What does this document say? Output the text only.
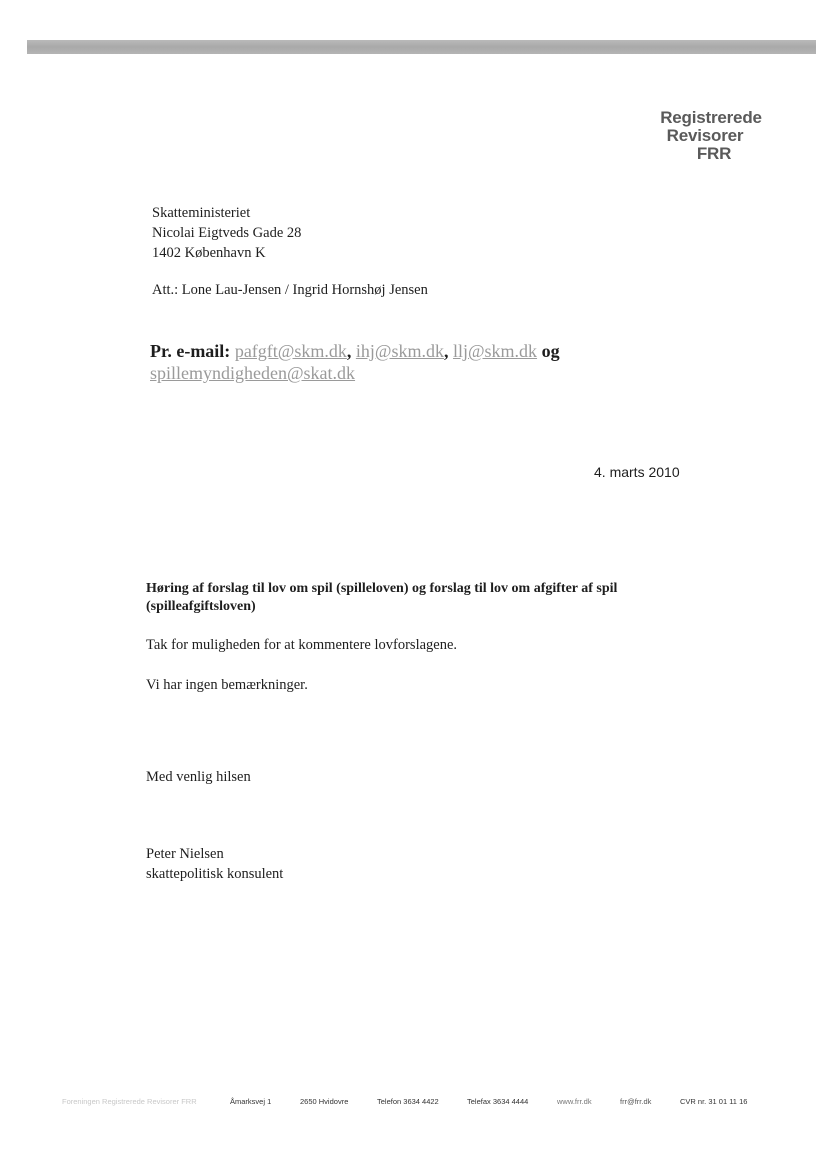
Registrerede
Revisorer
FRR
Skatteministeriet
Nicolai Eigtveds Gade 28
1402 København K
Att.: Lone Lau-Jensen / Ingrid Hornshøj Jensen
Pr. e-mail: pafgft@skm.dk, ihj@skm.dk, llj@skm.dk og
spillemyndigheden@skat.dk
4. marts 2010
Høring af forslag til lov om spil (spilleloven) og forslag til lov om afgifter af spil (spilleafgiftsloven)
Tak for muligheden for at kommentere lovforslagene.
Vi har ingen bemærkninger.
Med venlig hilsen
Peter Nielsen
skattepolitisk konsulent
Foreningen Registrerede Revisorer FRR	Åmarksvej 1	2650 Hvidovre	Telefon 3634 4422	Telefax 3634 4444	www.frr.dk	frr@frr.dk	CVR nr. 31 01 11 16
